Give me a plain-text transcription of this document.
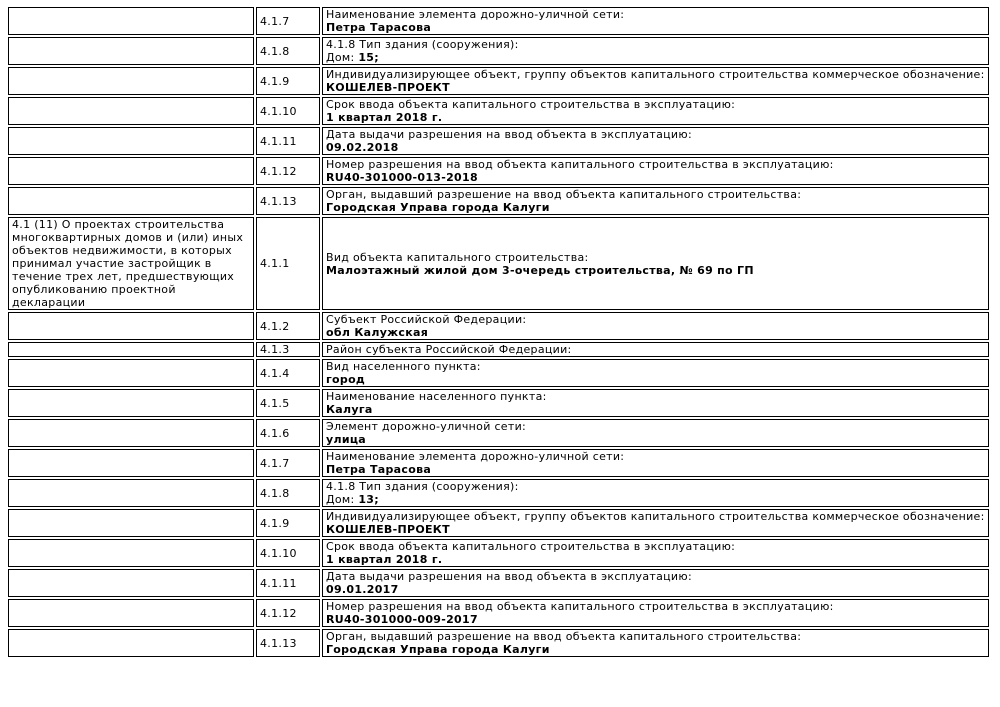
	4.1.7	Наименование элемента дорожно-уличной сети:
Петра Тарасова

	4.1.8	4.1.8 Тип здания (сооружения):
Дом: 15;

	4.1.9	Индивидуализирующее объект, группу объектов капитального строительства коммерческое обозначение:
КОШЕЛЕВ-ПРОЕКТ

	4.1.10	Срок ввода объекта капитального строительства в эксплуатацию:
1 квартал 2018 г.

	4.1.11	Дата выдачи разрешения на ввод объекта в эксплуатацию:
09.02.2018

	4.1.12	Номер разрешения на ввод объекта капитального строительства в эксплуатацию:
RU40-301000-013-2018

	4.1.13	Орган, выдавший разрешение на ввод объекта капитального строительства:
Городская Управа города Калуги

4.1 (11) О проектах строительства многоквартирных домов и (или) иных объектов недвижимости, в которых принимал участие застройщик в течение трех лет, предшествующих опубликованию проектной декларации	4.1.1	Вид объекта капитального строительства:
Малоэтажный жилой дом 3-очередь строительства, № 69 по ГП

	4.1.2	Субъект Российской Федерации:
обл Калужская

	4.1.3	Район субъекта Российской Федерации:

	4.1.4	Вид населенного пункта:
город

	4.1.5	Наименование населенного пункта:
Калуга

	4.1.6	Элемент дорожно-уличной сети:
улица

	4.1.7	Наименование элемента дорожно-уличной сети:
Петра Тарасова

	4.1.8	4.1.8 Тип здания (сооружения):
Дом: 13;

	4.1.9	Индивидуализирующее объект, группу объектов капитального строительства коммерческое обозначение:
КОШЕЛЕВ-ПРОЕКТ

	4.1.10	Срок ввода объекта капитального строительства в эксплуатацию:
1 квартал 2018 г.

	4.1.11	Дата выдачи разрешения на ввод объекта в эксплуатацию:
09.01.2017

	4.1.12	Номер разрешения на ввод объекта капитального строительства в эксплуатацию:
RU40-301000-009-2017

	4.1.13	Орган, выдавший разрешение на ввод объекта капитального строительства:
Городская Управа города Калуги
